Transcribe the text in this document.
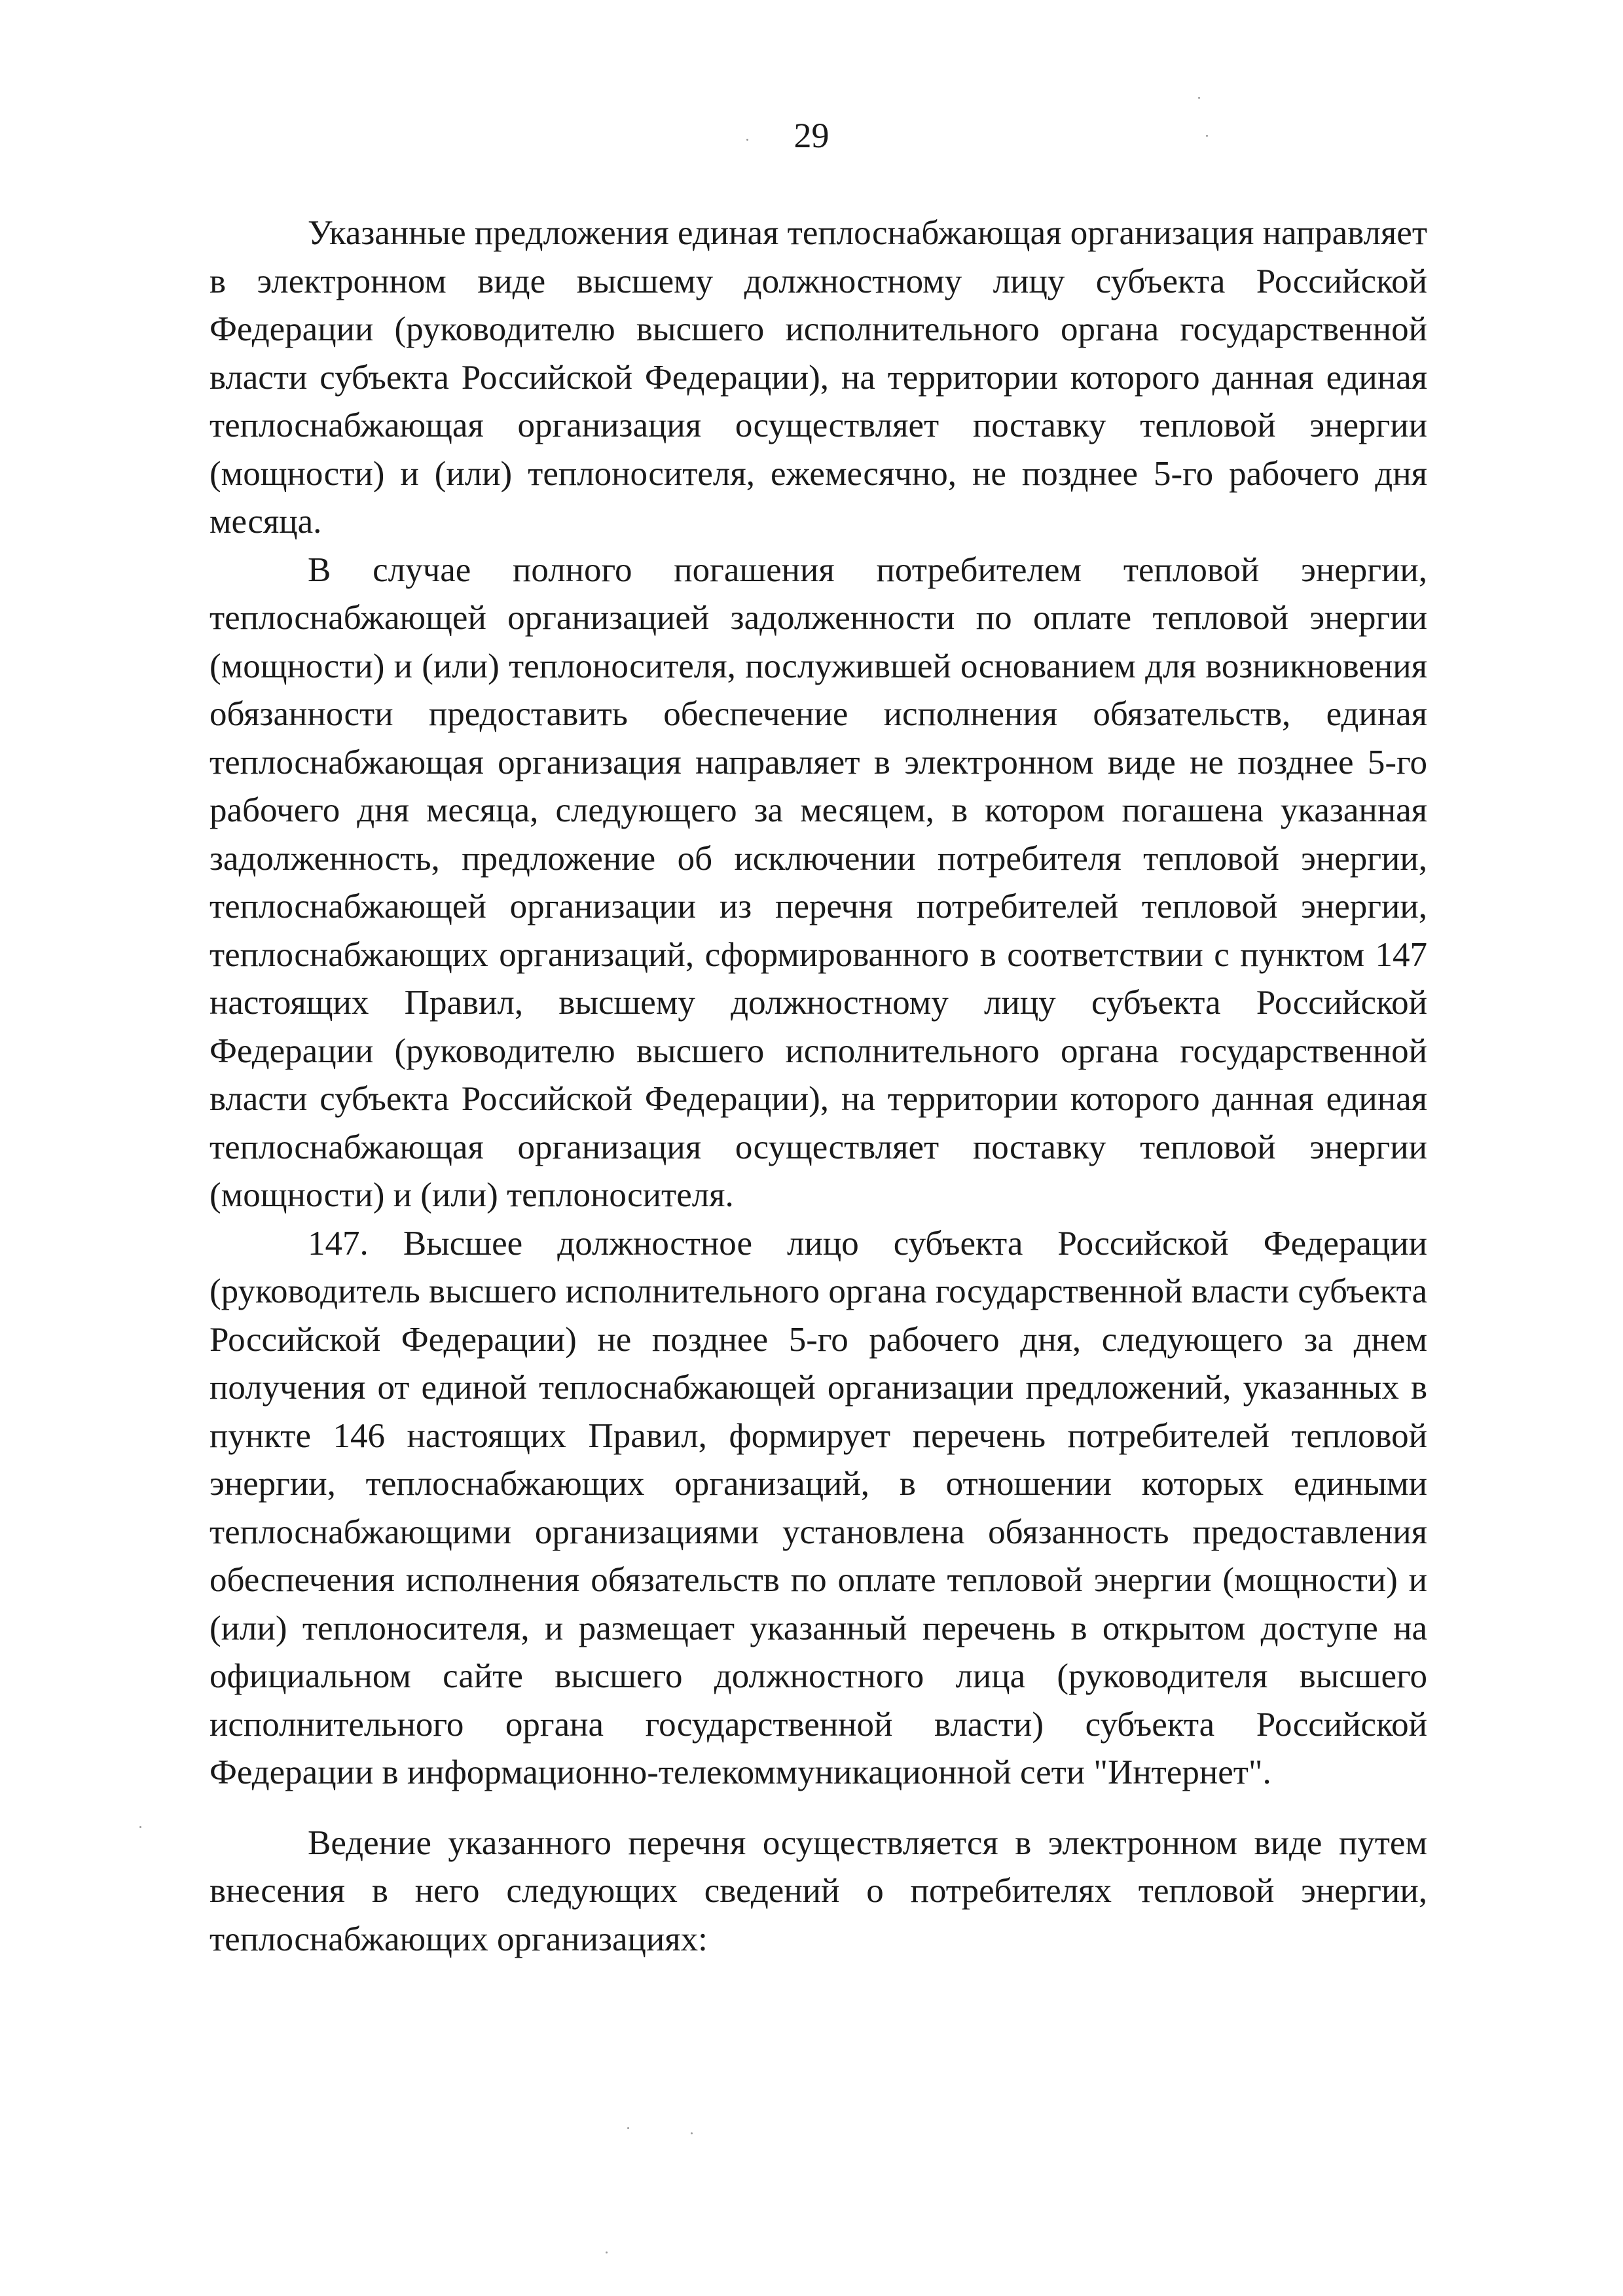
29

Указанные предложения единая теплоснабжающая организация направляет в электронном виде высшему должностному лицу субъекта Российской Федерации (руководителю высшего исполнительного органа государственной власти субъекта Российской Федерации), на территории которого данная единая теплоснабжающая организация осуществляет поставку тепловой энергии (мощности) и (или) теплоносителя, ежемесячно, не позднее 5-го рабочего дня месяца.

В случае полного погашения потребителем тепловой энергии, теплоснабжающей организацией задолженности по оплате тепловой энергии (мощности) и (или) теплоносителя, послужившей основанием для возникновения обязанности предоставить обеспечение исполнения обязательств, единая теплоснабжающая организация направляет в электронном виде не позднее 5-го рабочего дня месяца, следующего за месяцем, в котором погашена указанная задолженность, предложение об исключении потребителя тепловой энергии, теплоснабжающей организации из перечня потребителей тепловой энергии, теплоснабжающих организаций, сформированного в соответствии с пунктом 147 настоящих Правил, высшему должностному лицу субъекта Российской Федерации (руководителю высшего исполнительного органа государственной власти субъекта Российской Федерации), на территории которого данная единая теплоснабжающая организация осуществляет поставку тепловой энергии (мощности) и (или) теплоносителя.

147. Высшее должностное лицо субъекта Российской Федерации (руководитель высшего исполнительного органа государственной власти субъекта Российской Федерации) не позднее 5-го рабочего дня, следующего за днем получения от единой теплоснабжающей организации предложений, указанных в пункте 146 настоящих Правил, формирует перечень потребителей тепловой энергии, теплоснабжающих организаций, в отношении которых едиными теплоснабжающими организациями установлена обязанность предоставления обеспечения исполнения обязательств по оплате тепловой энергии (мощности) и (или) теплоносителя, и размещает указанный перечень в открытом доступе на официальном сайте высшего должностного лица (руководителя высшего исполнительного органа государственной власти) субъекта Российской Федерации в информационно-телекоммуникационной сети "Интернет".

Ведение указанного перечня осуществляется в электронном виде путем внесения в него следующих сведений о потребителях тепловой энергии, теплоснабжающих организациях:
